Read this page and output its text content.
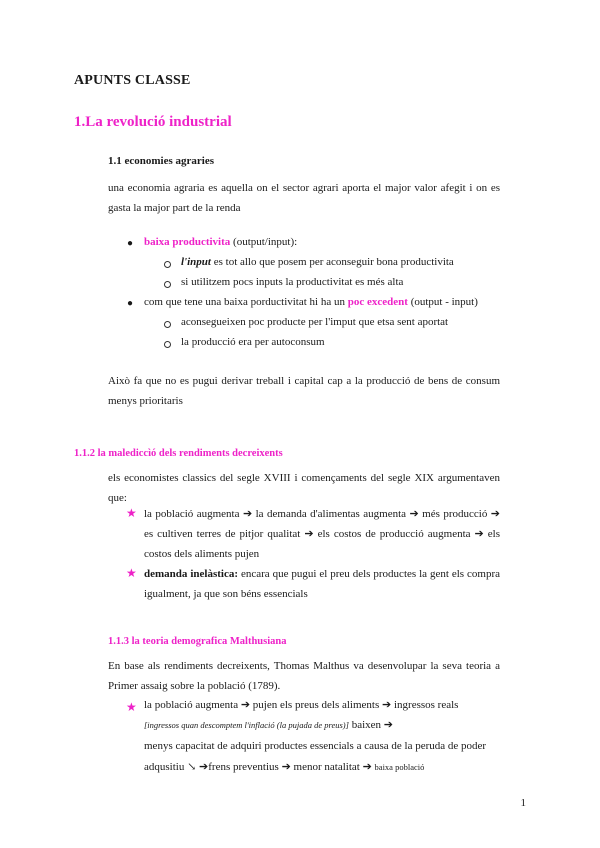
APUNTS CLASSE
1.La revolució industrial
1.1 economies agraries
una economia agraria es aquella on el sector agrari aporta el major valor afegit i on es gasta la major part de la renda
● baixa productivita (output/input):
l'input es tot allo que posem per aconseguir bona productivita
si utilitzem pocs inputs la productivitat es més alta
● com que tene una baixa porductivitat hi ha un poc excedent (output - input)
aconsegueixen poc producte per l'imput que etsa sent aportat
la producció era per autoconsum
Això fa que no es pugui derivar treball i capital cap a la producció de bens de consum menys prioritaris
1.1.2 la malediccìó dels rendiments decreixents
els economistes classics del segle XVIII i començaments del segle XIX argumentaven que:
★ la població augmenta ➔ la demanda d'alimentas augmenta ➔ més producció ➔ es cultiven terres de pitjor qualitat ➔ els costos de producció augmenta ➔ els costos dels aliments pujen
★ demanda inelàstica: encara que pugui el preu dels productes la gent els compra igualment, ja que son béns essencials
1.1.3 la teoria demografica Malthusiana
En base als rendiments decreixents, Thomas Malthus va desenvolupar la seva teoria a Primer assaig sobre la població (1789).
★ la població augmenta ➔ pujen els preus dels aliments ➔ ingressos reals
[ingressos quan descomptem l'inflació (la pujada de preus)] baixen ➔
menys capacitat de adquiri productes essencials a causa de la peruda de poder
adqusitiu ↘ ➔frens preventius ➔ menor natalitat ➔ baixa població
1
